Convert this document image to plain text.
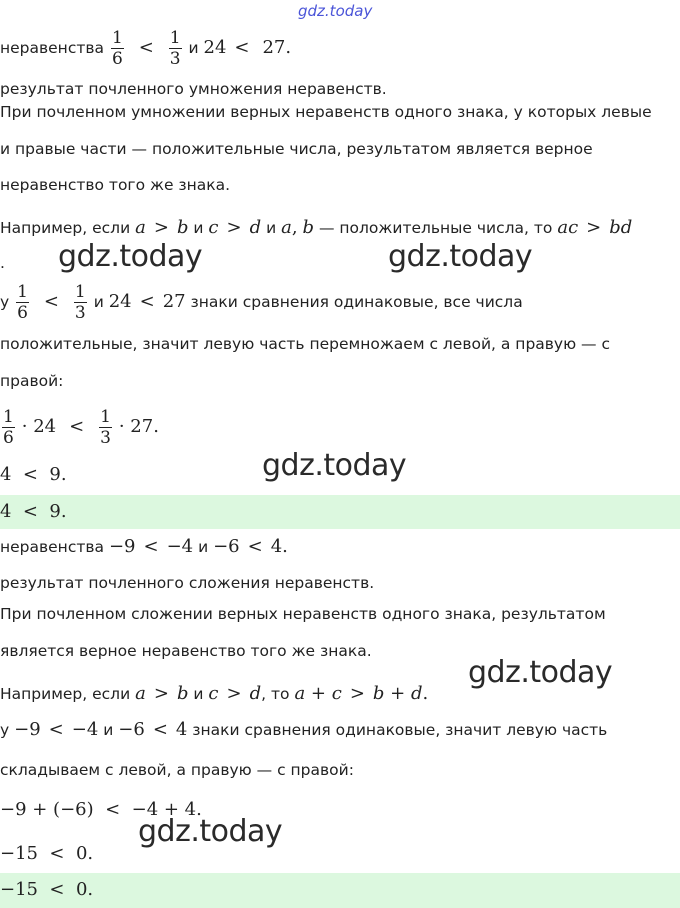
gdz.today
неравенства $\frac{1}{6} < \frac{1}{3}$ и 24 < 27.
результат почленного умножения неравенств.
При почленном умножении верных неравенств одного знака, у которых левые
и правые части — положительные числа, результатом является верное
неравенство того же знака.
Например, если a > b и c > d и a, b — положительные числа, то ac > bd
.
у $\frac{1}{6} < \frac{1}{3}$ и 24 < 27 знаки сравнения одинаковые, все числа
положительные, значит левую часть перемножаем с левой, а правую — с
правой:
$\frac{1}{6} \cdot 24 < \frac{1}{3} \cdot 27$.
4  <  9.
4  <  9.
неравенства −9 < −4 и −6 < 4.
результат почленного сложения неравенств.
При почленном сложении верных неравенств одного знака, результатом
является верное неравенство того же знака.
Например, если a > b и c > d, то a + c > b + d.
у −9 < −4 и −6 < 4 знаки сравнения одинаковые, значит левую часть
складываем с левой, а правую — с правой:
−9 + (−6)  <  −4 + 4.
−15  <  0.
−15  <  0.
gdz.today	gdz.today
gdz.today
gdz.today
gdz.today
